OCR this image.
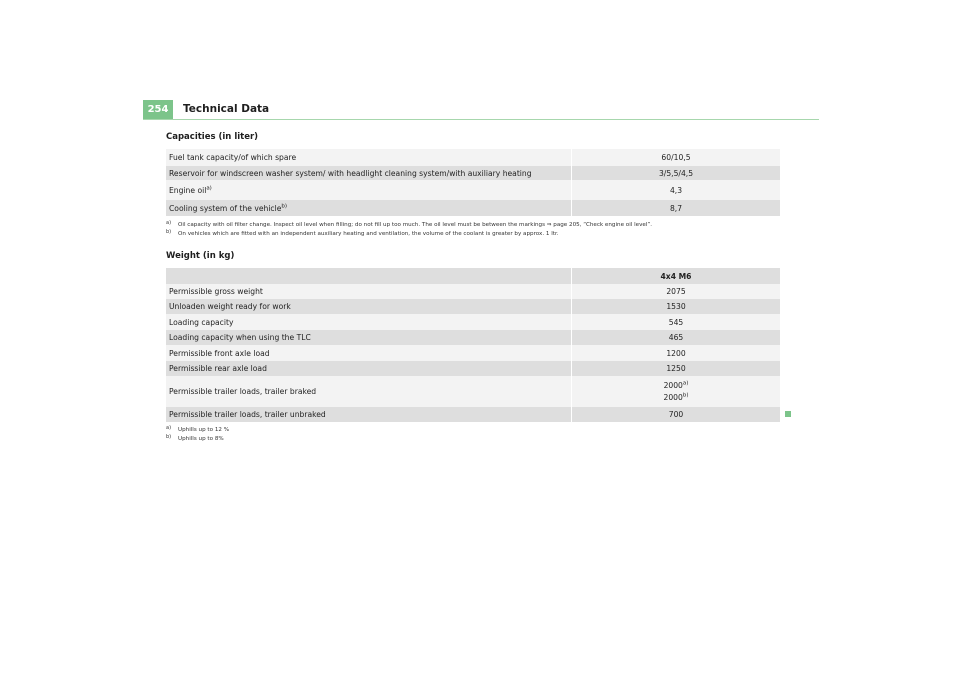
254	Technical Data
Capacities (in liter)
Fuel tank capacity/of which spare	60/10,5
Reservoir for windscreen washer system/ with headlight cleaning system/with auxiliary heating	3/5,5/4,5
Engine oil$^{a)}$	4,3
Cooling system of the vehicle$^{b)}$	8,7
a) Oil capacity with oil filter change. Inspect oil level when filling; do not fill up too much. The oil level must be between the markings ⇒ page 205, “Check engine oil level”.
b) On vehicles which are fitted with an independent auxiliary heating and ventilation, the volume of the coolant is greater by approx. 1 ltr.
Weight (in kg)
	4x4 M6
Permissible gross weight	2075
Unloaden weight ready for work	1530
Loading capacity	545
Loading capacity when using the TLC	465
Permissible front axle load	1200
Permissible rear axle load	1250
Permissible trailer loads, trailer braked	2000$^{a)}$
2000$^{b)}$

Permissible trailer loads, trailer unbraked	700
a) Uphills up to 12 %
b) Uphills up to 8%
